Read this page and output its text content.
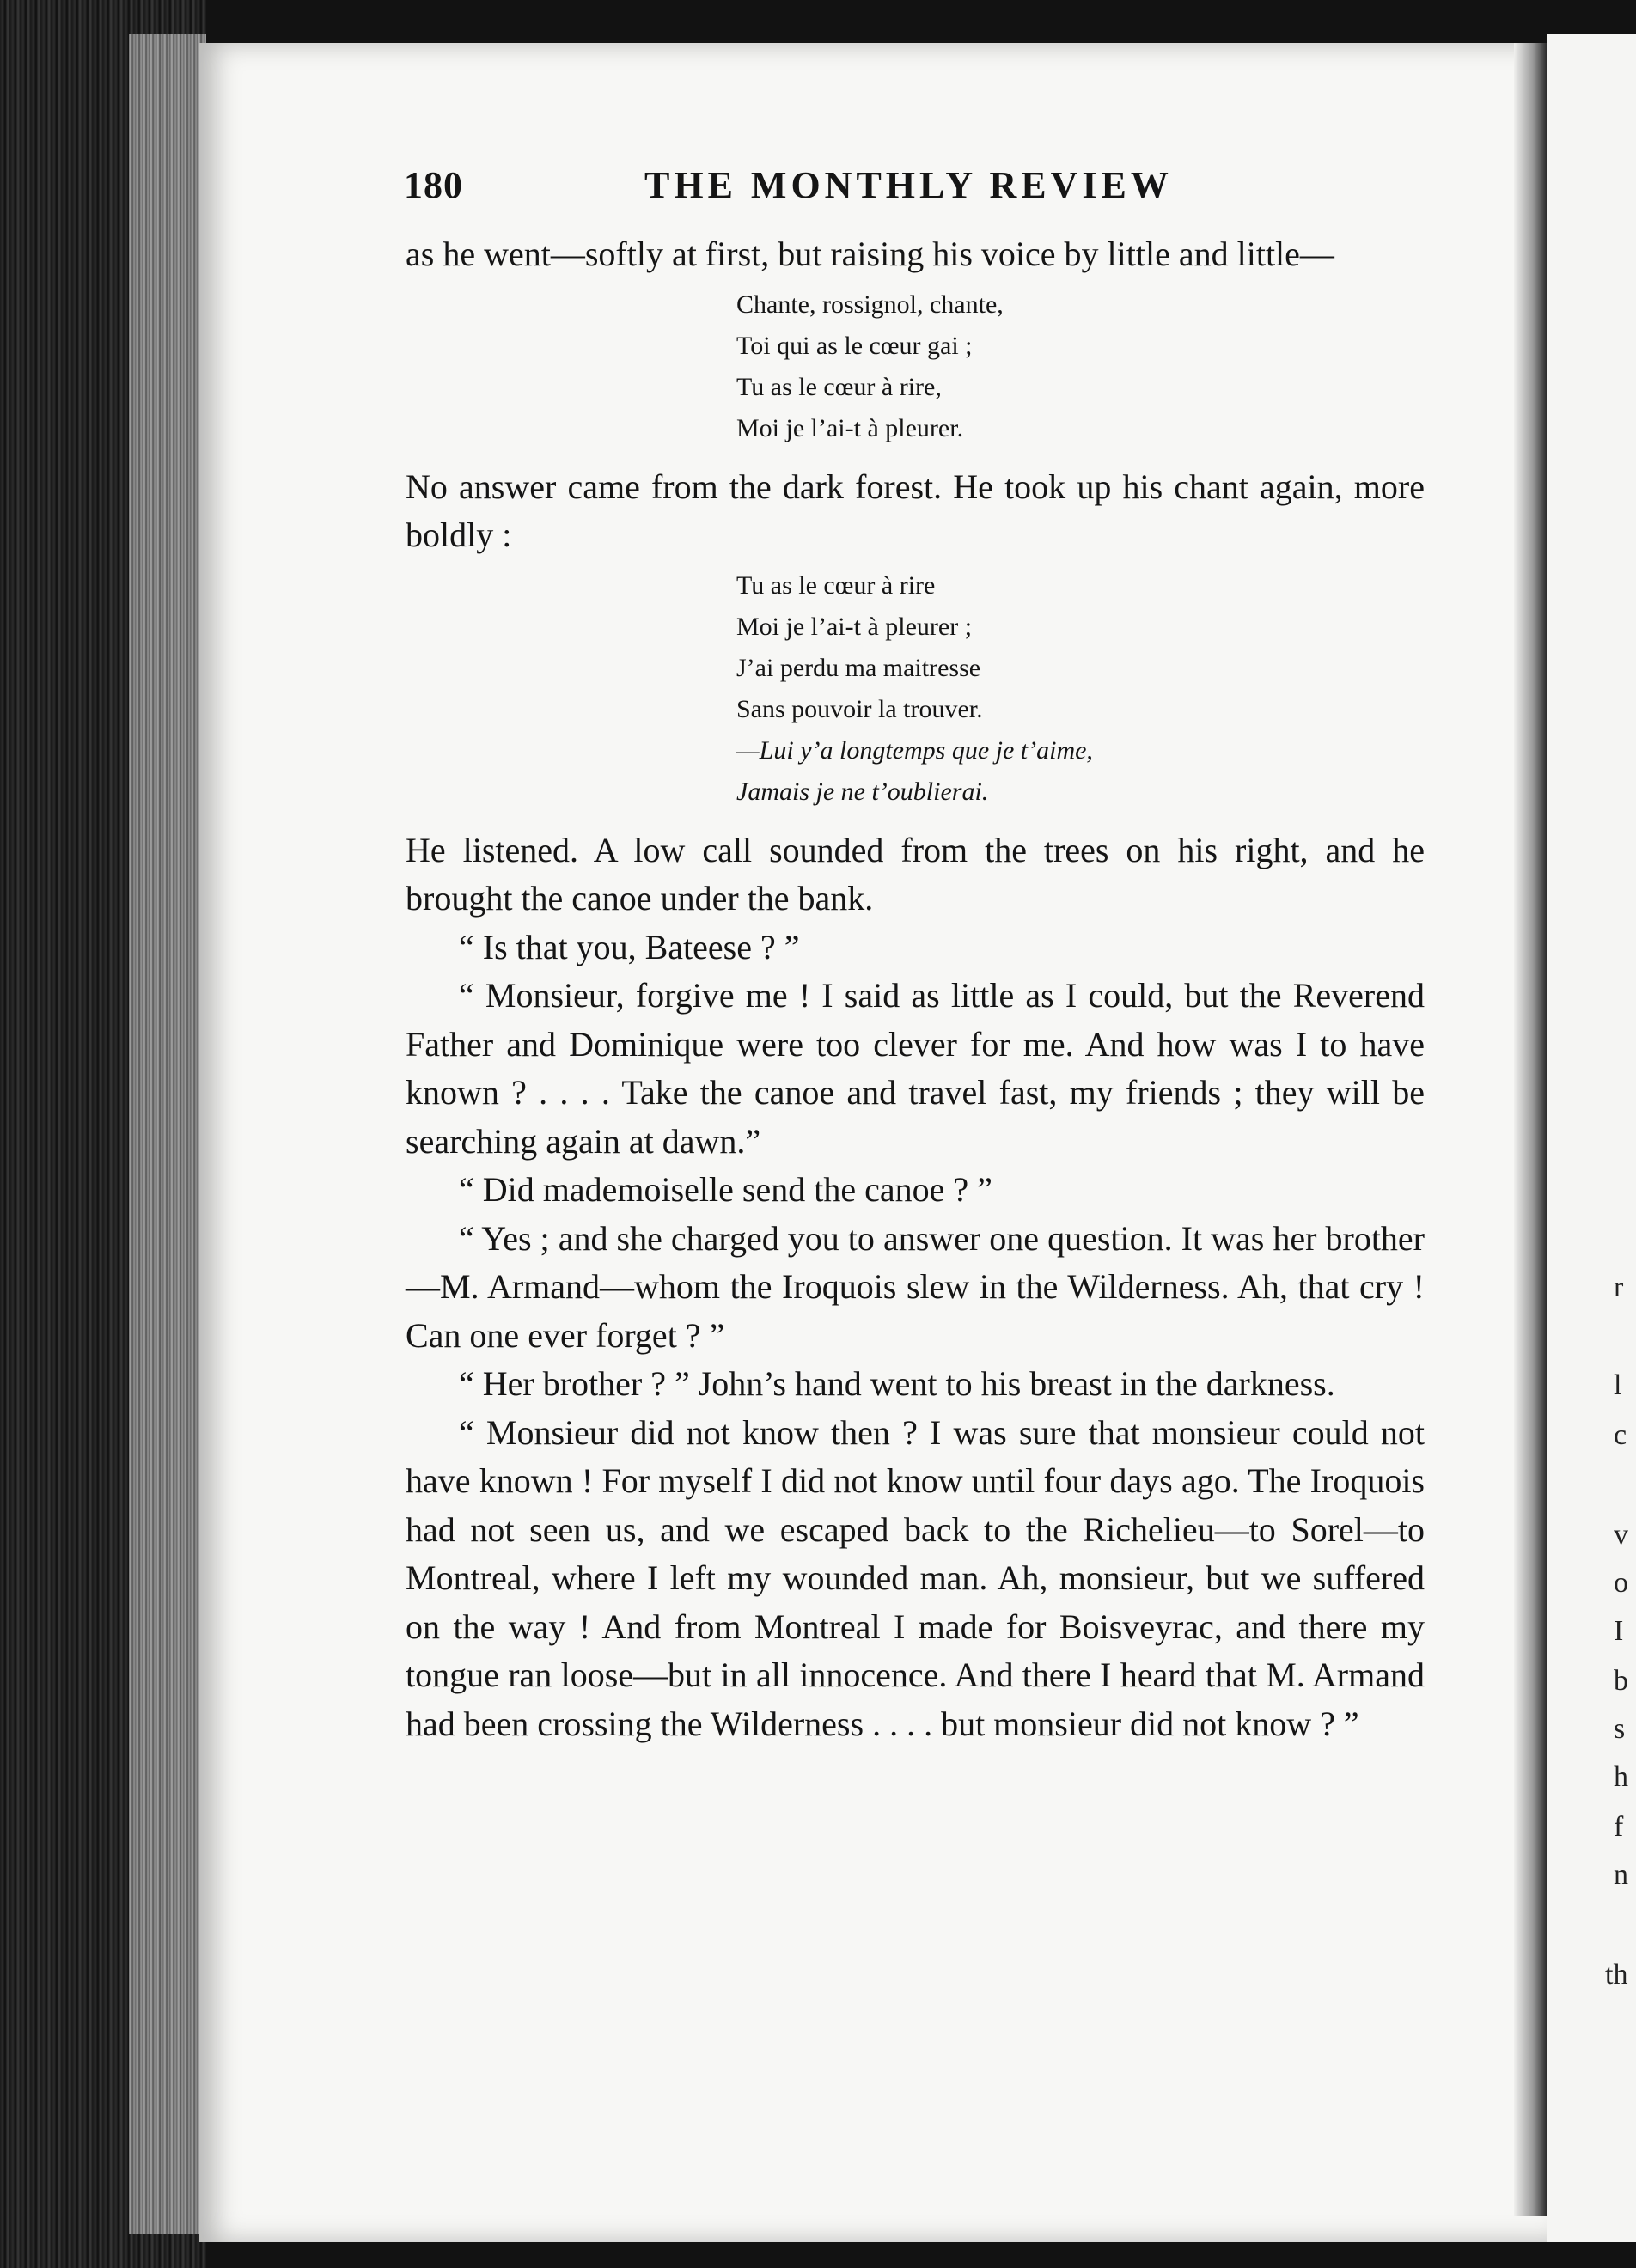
r
l
c
v
o
I
b
s
h
f
n
th
180	THE MONTHLY REVIEW

as he went—softly at first, but raising his voice by little and little—

Chante, rossignol, chante,
Toi qui as le cœur gai ;
Tu as le cœur à rire,
Moi je l’ai-t à pleurer.

No answer came from the dark forest. He took up his chant again, more boldly :

Tu as le cœur à rire
Moi je l’ai-t à pleurer ;
J’ai perdu ma maitresse
Sans pouvoir la trouver.
—Lui y’a longtemps que je t’aime,
Jamais je ne t’oublierai.

He listened. A low call sounded from the trees on his right, and he brought the canoe under the bank.

“ Is that you, Bateese ? ”

“ Monsieur, forgive me ! I said as little as I could, but the Reverend Father and Dominique were too clever for me. And how was I to have known ? . . . . Take the canoe and travel fast, my friends ; they will be searching again at dawn.”

“ Did mademoiselle send the canoe ? ”

“ Yes ; and she charged you to answer one question. It was her brother—M. Armand—whom the Iroquois slew in the Wilderness. Ah, that cry ! Can one ever forget ? ”

“ Her brother ? ” John’s hand went to his breast in the darkness.

“ Monsieur did not know then ? I was sure that monsieur could not have known ! For myself I did not know until four days ago. The Iroquois had not seen us, and we escaped back to the Richelieu—to Sorel—to Montreal, where I left my wounded man. Ah, monsieur, but we suffered on the way ! And from Montreal I made for Boisveyrac, and there my tongue ran loose—but in all innocence. And there I heard that M. Armand had been crossing the Wilderness . . . . but monsieur did not know ? ”
